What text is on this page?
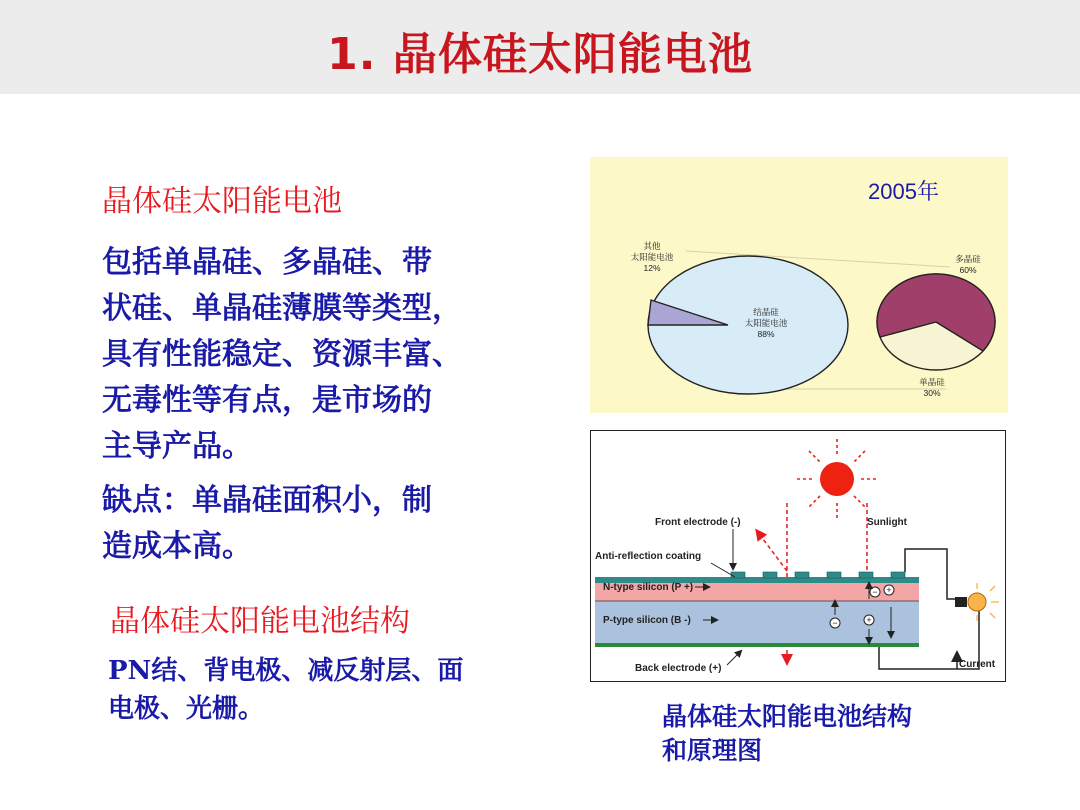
1. 晶体硅太阳能电池
晶体硅太阳能电池
包括单晶硅、多晶硅、带
状硅、单晶硅薄膜等类型，
具有性能稳定、资源丰富、
无毒性等有点，是市场的
主导产品。
缺点：单晶硅面积小，制
造成本高。
晶体硅太阳能电池结构
PN结、背电极、减反射层、面
电极、光栅。
2005年
其他
太阳能电池
12%
结晶硅
太阳能电池
88%
多晶硅
60%
单晶硅
30%
− +
−	+
Front electrode (-)	Sunlight
Anti-reflection coating
N-type silicon (P +)
P-type silicon (B -)
Back electrode (+)	Current
晶体硅太阳能电池结构
和原理图
